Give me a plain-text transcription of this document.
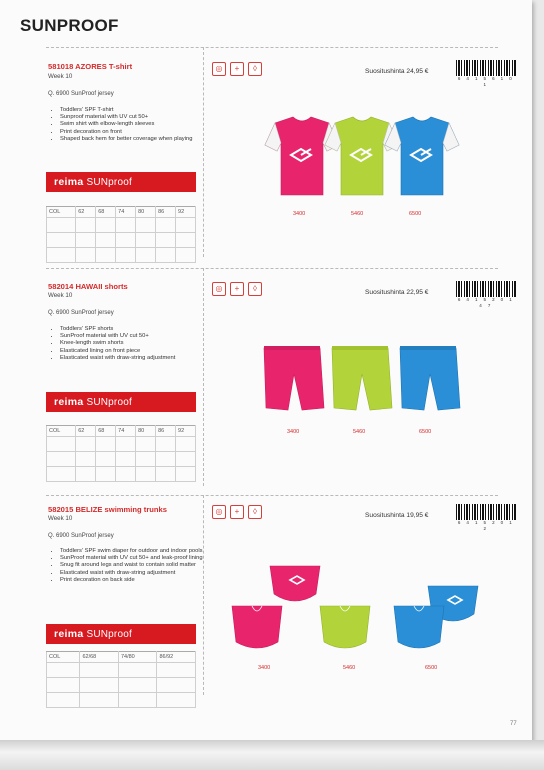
SUNPROOF
581018 AZORES T-shirt
Week 10
Q. 6900 SunProof jersey
• Toddlers' SPF T-shirt
• Sunproof material with UV cut 50+
• Swim shirt with elbow-length sleeves
• Print decoration on front
• Shaped back hem for better coverage when playing
reima SUNproof
COL	62	68	74	80	86	92

◎	+	◊	Suositushinta 24,95 €
6 4 1 5 6 1 0 1
3400	5460	6500
582014 HAWAII shorts
Week 10
Q. 6900 SunProof jersey
• Toddlers' SPF shorts
• SunProof material with UV cut 50+
• Knee-length swim shorts
• Elasticated lining on front piece
• Elasticated waist with draw-string adjustment
reima SUNproof
COL	62	68	74	80	86	92

◎	+	◊	Suositushinta 22,95 €
6 4 1 5 2 0 1 4 7
3400	5460	6500
582015 BELIZE swimming trunks
Week 10
Q. 6900 SunProof jersey
• Toddlers' SPF swim diaper for outdoor and indoor pools
• SunProof material with UV cut 50+ and leak-proof lining
• Snug fit around legs and waist to contain solid matter
• Elasticated waist with draw-string adjustment
• Print decoration on back side
reima SUNproof
COL	62/68	74/80	86/92

◎	+	◊	Suositushinta 19,95 €
6 4 1 5 2 0 1 2
3400	5460	6500
77
